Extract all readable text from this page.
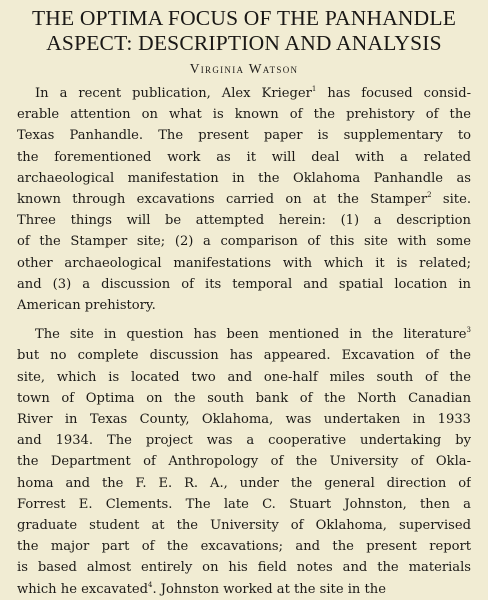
THE OPTIMA FOCUS OF THE PANHANDLE
ASPECT: DESCRIPTION AND ANALYSIS
Virginia Watson
In a recent publication, Alex Krieger$^1$ has focused consid-
erable attention on what is known of the prehistory of the
Texas Panhandle. The present paper is supplementary to
the forementioned work as it will deal with a related
archaeological manifestation in the Oklahoma Panhandle as
known through excavations carried on at the Stamper$^2$ site.
Three things will be attempted herein: (1) a description
of the Stamper site; (2) a comparison of this site with some
other archaeological manifestations with which it is related;
and (3) a discussion of its temporal and spatial location in
American prehistory.
The site in question has been mentioned in the literature$^3$
but no complete discussion has appeared. Excavation of the
site, which is located two and one-half miles south of the
town of Optima on the south bank of the North Canadian
River in Texas County, Oklahoma, was undertaken in 1933
and 1934. The project was a cooperative undertaking by
the Department of Anthropology of the University of Okla-
homa and the F. E. R. A., under the general direction of
Forrest E. Clements. The late C. Stuart Johnston, then a
graduate student at the University of Oklahoma, supervised
the major part of the excavations; and the present report
is based almost entirely on his field notes and the materials
which he excavated$^4$. Johnston worked at the site in the
